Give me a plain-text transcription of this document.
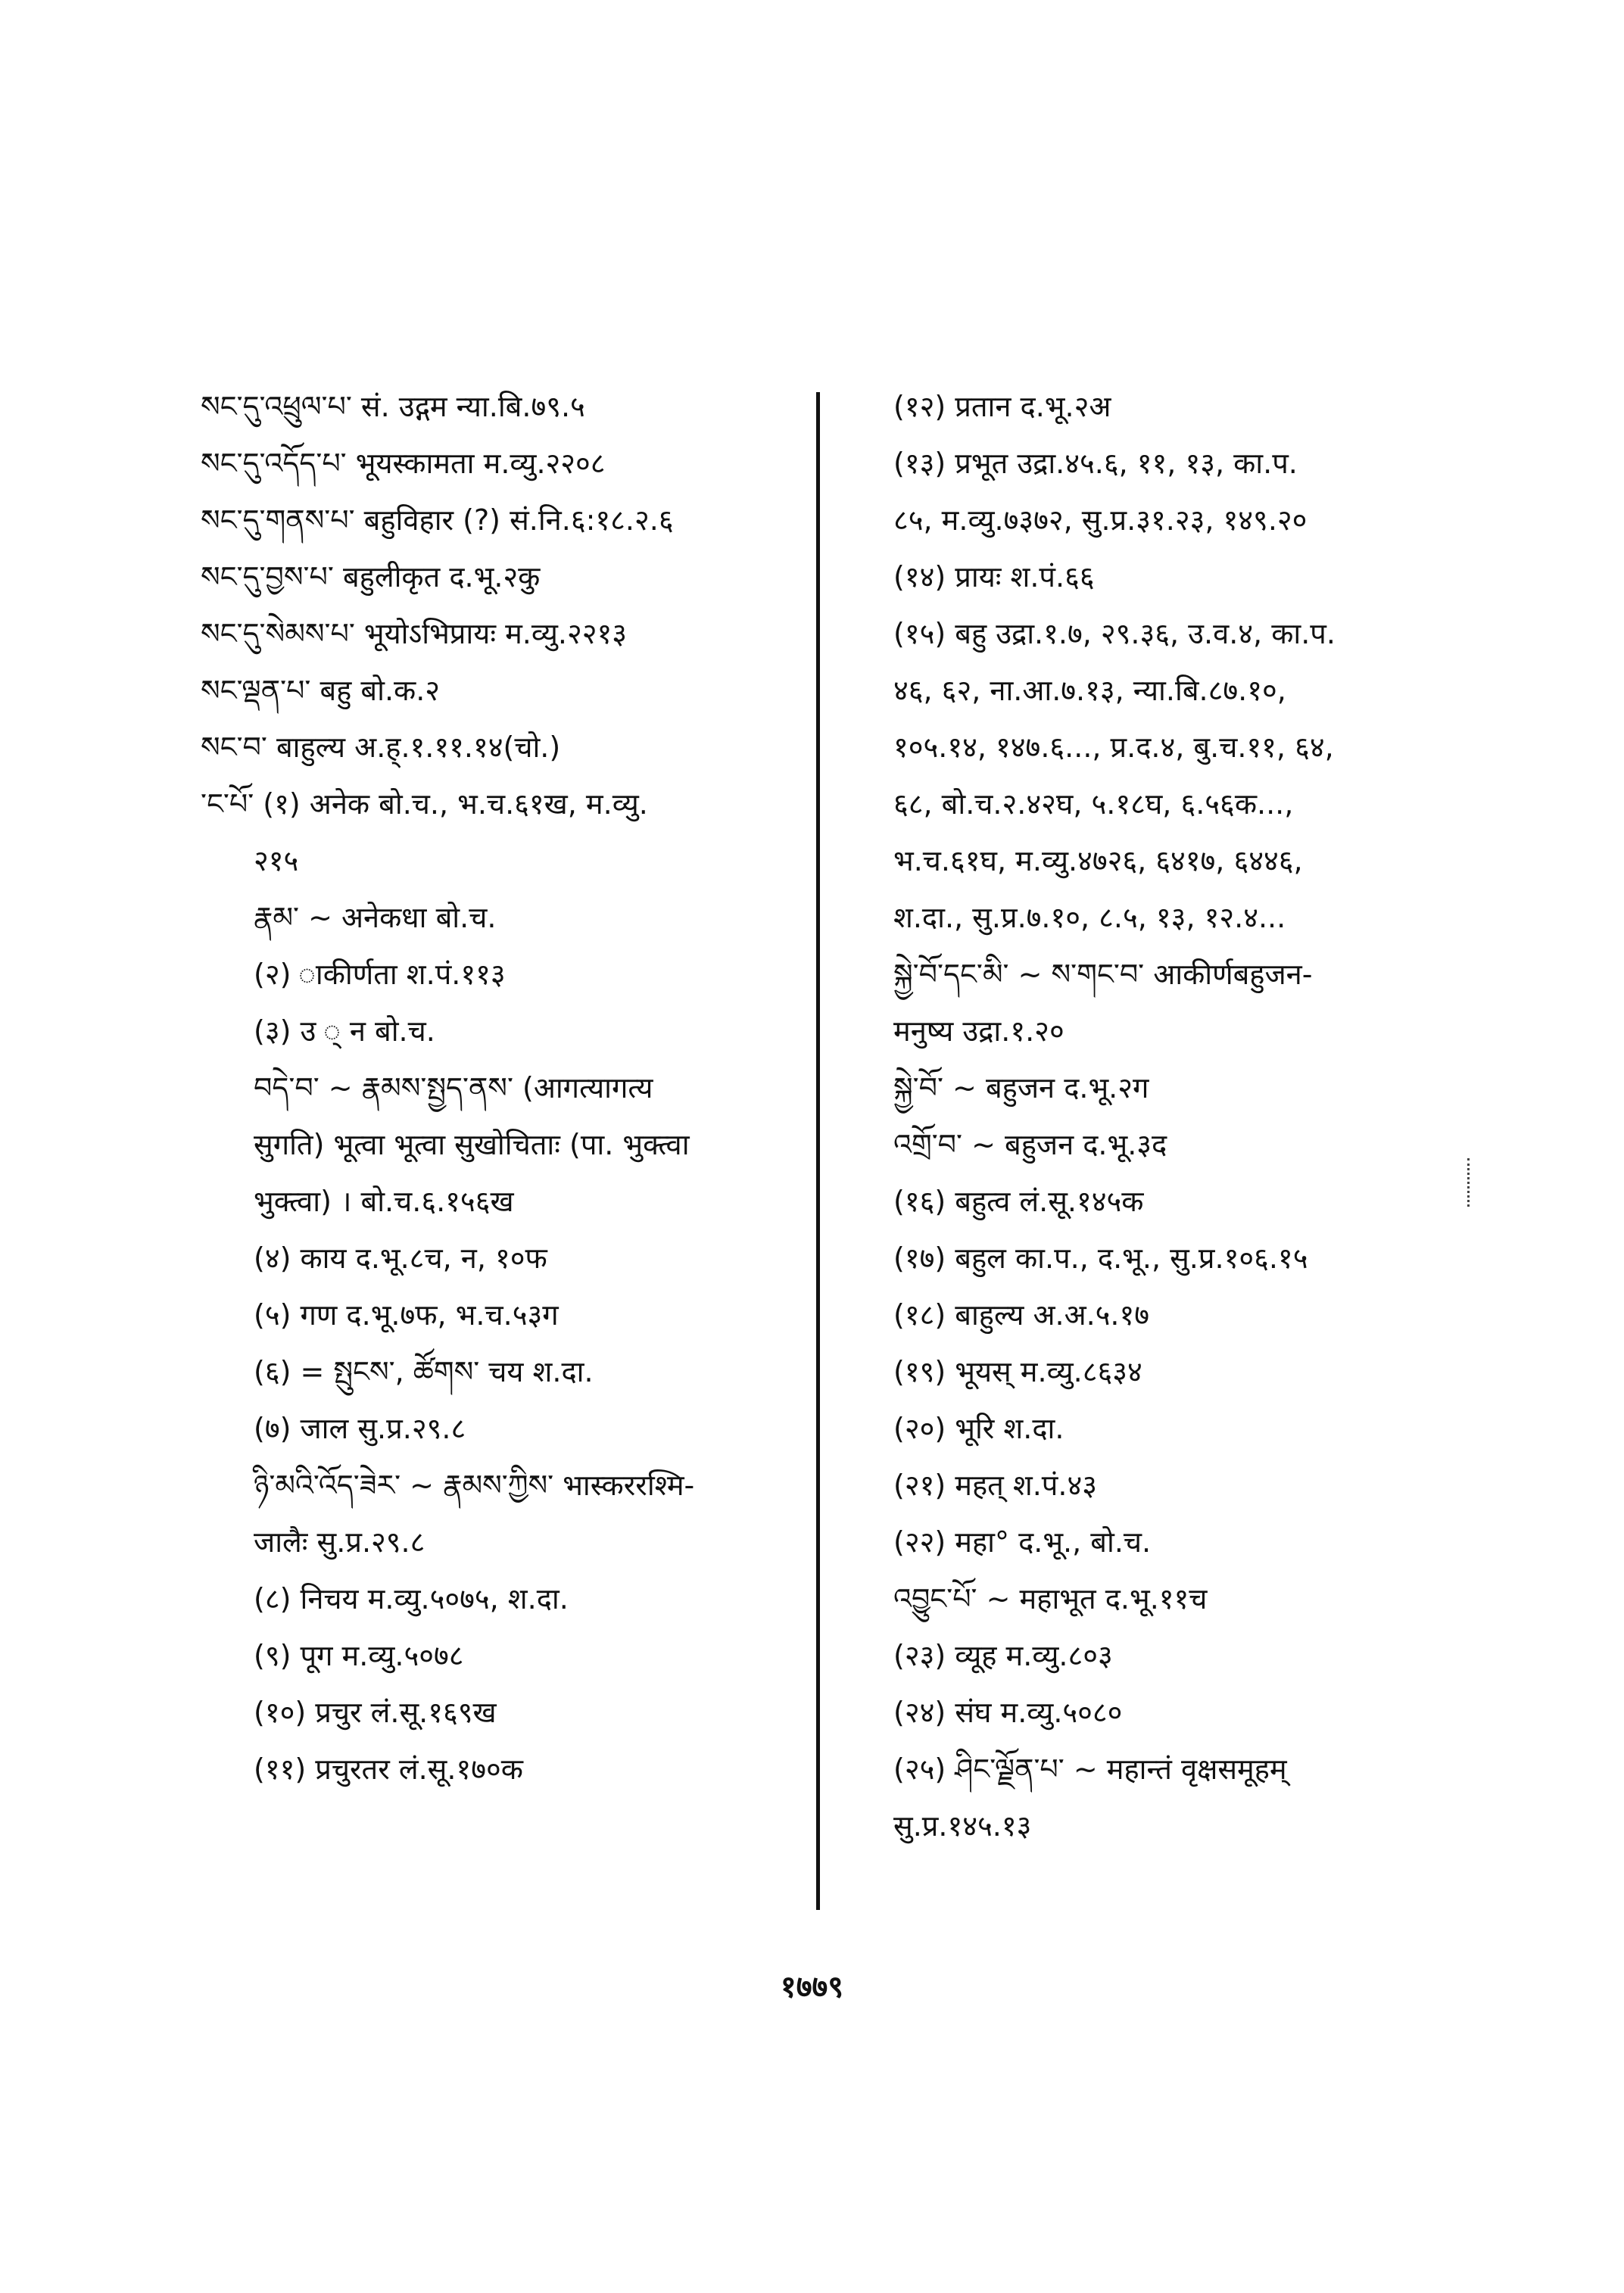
སང་དུ་འཕྲུལ་པ་ सं. उद्गम न्या.बि.७९.५
སང་དུ་འདོད་པ་ भूयस्कामता म.व्यु.२२०८
སང་དུ་གནས་པ་ बहुविहार (?) सं.नि.६:१८.२.६
སང་དུ་བྱས་པ་ बहुलीकृत द.भू.२कु
སང་དུ་སེམས་པ་ भूयोऽभिप्रायः म.व्यु.२२१३
སང་ལྡན་པ་ बहु बो.क.२
སང་བ་ बाहुल्य अ.ह्.१.११.१४(चो.)
་ང་པོ་ (१) अनेक बो.च., भ.च.६१ख, म.व्यु.
२१५
རྣམ་ ~ अनेकधा बो.च.
(२) ाकीर्णता श.पं.११३
(३) उ ् न बो.च.
བདེ་བ་ ~ རྣམས་སྤྱད་ནས་ (आगत्यागत्य
सुगति) भूत्वा भूत्वा सुखोचिताः (पा. भुक्त्वा
भुक्त्वा) । बो.च.६.१५६ख
(४) काय द.भू.८च, न, १०फ
(५) गण द.भू.७फ, भ.च.५३ग
(६) = སྤུངས་, ཚོགས་ चय श.दा.
(७) जाल सु.प्र.२९.८
ཉི་མའི་འོད་ཟེར་ ~ རྣམས་ཀྱིས་ भास्कररश्मि-
जालैः सु.प्र.२९.८
(८) निचय म.व्यु.५०७५, श.दा.
(९) पूग म.व्यु.५०७८
(१०) प्रचुर लं.सू.१६९ख
(११) प्रचुरतर लं.सू.१७०क
(१२) प्रतान द.भू.२अ
(१३) प्रभूत उद्रा.४५.६, ११, १३, का.प.
८५, म.व्यु.७३७२, सु.प्र.३१.२३, १४९.२०
(१४) प्रायः श.पं.६६
(१५) बहु उद्रा.१.७, २९.३६, उ.व.४, का.प.
४६, ६२, ना.आ.७.१३, न्या.बि.८७.१०,
१०५.१४, १४७.६..., प्र.द.४, बु.च.११, ६४,
६८, बो.च.२.४२घ, ५.१८घ, ६.५६क...,
भ.च.६१घ, म.व्यु.४७२६, ६४१७, ६४४६,
श.दा., सु.प्र.७.१०, ८.५, १३, १२.४...
སྐྱེ་བོ་དང་མི་ ~ ས་གང་བ་ आकीर्णबहुजन-
मनुष्य उद्रा.१.२०
སྐྱེ་བོ་ ~ बहुजन द.भू.२ग
འགྲོ་བ་ ~ बहुजन द.भू.३द
(१६) बहुत्व लं.सू.१४५क
(१७) बहुल का.प., द.भू., सु.प्र.१०६.१५
(१८) बाहुल्य अ.अ.५.१७
(१९) भूयस् म.व्यु.८६३४
(२०) भूरि श.दा.
(२१) महत् श.पं.४३
(२२) महा° द.भू., बो.च.
འབྱུང་པོ་ ~ महाभूत द.भू.११च
(२३) व्यूह म.व्यु.८०३
(२४) संघ म.व्यु.५०८०
(२५) ཤིང་ལྗོན་པ་ ~ महान्तं वृक्षसमूहम्
सु.प्र.१४५.१३
१७७९
